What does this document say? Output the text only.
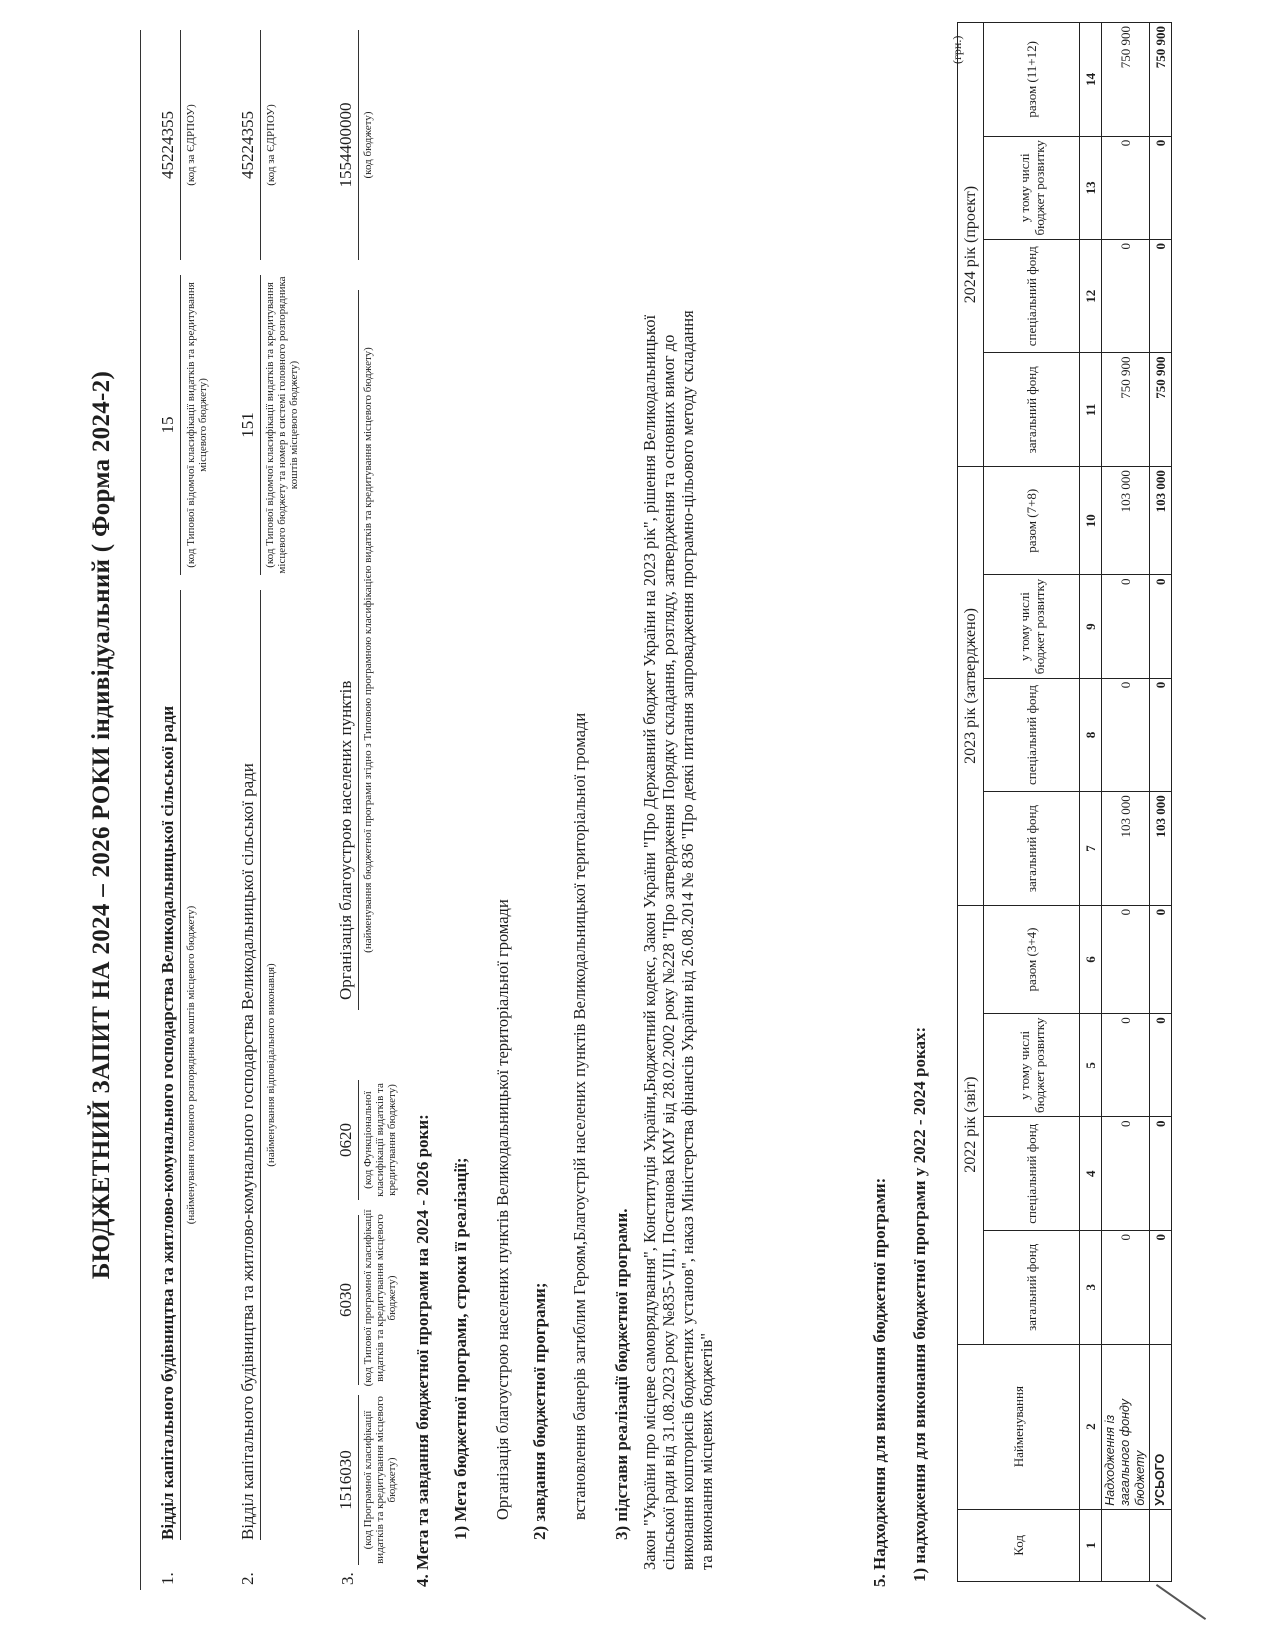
БЮДЖЕТНИЙ ЗАПИТ НА 2024 – 2026 РОКИ індивідуальний ( Форма 2024-2)
1.
Відділ капітального будівництва та житлово-комунального господарства Великодальницької сільської ради (найменування головного розпорядника коштів місцевого бюджету)
15 (код Типової відомчої класифікації видатків та кредитування місцевого бюджету)
45224355 (код за ЄДРПОУ)
2.
Відділ капітального будівництва та житлово-комунального господарства Великодальницької сільської ради (найменування відповідального виконавця)
151 (код Типової відомчої класифікації видатків та кредитування місцевого бюджету та номер в системі головного розпорядника коштів місцевого бюджету)
45224355 (код за ЄДРПОУ)
3.
1516030 (код Програмної класифікації видатків та кредитування місцевого бюджету)
6030 (код Типової програмної класифікації видатків та кредитування місцевого бюджету)
0620 (код Функціональної класифікації видатків та кредитування бюджету)
Організація благоустрою населених пунктів (найменування бюджетної програми згідно з Типовою програмною класифікацією видатків та кредитування місцевого бюджету)
1554400000 (код бюджету)
4. Мета та завдання бюджетної програми на 2024 - 2026 роки: 1) Мета бюджетної програми, строки її реалізації; Організація благоустрою населених пунктів Великодальницької територіальної громади 2) завдання бюджетної програми; встановлення банерів загиблим Героям,Благоустрій населених пунктів Великодальницької територіальної громади 3) підстави реалізації бюджетної програми. Закон "України про місцеве самоврядування", Конституція України,Бюджетний кодекс, Закон України "Про Державний бюджет України на 2023 рік", рішення Великодальницької сільської ради від 31.08.2023 року №835-VIII, Постанова КМУ від 28.02.2002 року №228 "Про затвердження Порядку складання, розгляду, затвердження та основних вимог до виконання кошторисів бюджетних установ", наказ Міністерства фінансів України від 26.08.2014 № 836 "Про деякі питання запровадження програмно-цільового методу складання та виконання місцевих бюджетів"	5. Надходження для виконання бюджетної програми: 1) надходження для виконання бюджетної програми у 2022 - 2024 роках:
(грн.)
Код	Найменування	2022 рік (звіт)				2023 рік (затверджено)				2024 рік (проект)			
		загальний фонд	спеціальний фонд	у тому числі бюджет розвитку	разом (3+4)	загальний фонд	спеціальний фонд	у тому числі бюджет розвитку	разом (7+8)	загальний фонд	спеціальний фонд	у тому числі бюджет розвитку	разом (11+12)
1	2	3	4	5	6	7	8	9	10	11	12	13	14
	Надходження із загального фонду бюджету	0	0	0	0	103 000	0	0	103 000	750 900	0	0	750 900
	УСЬОГО	0	0	0	0	103 000	0	0	103 000	750 900	0	0	750 900
